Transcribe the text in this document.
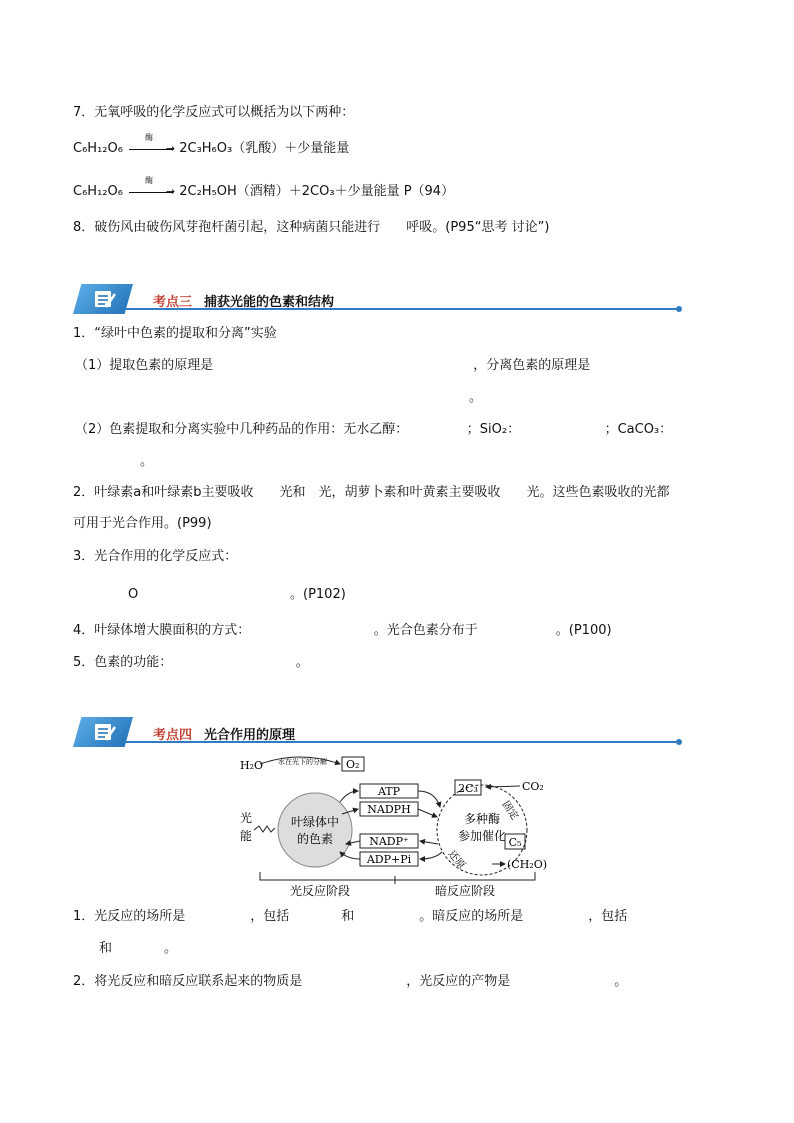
7．无氧呼吸的化学反应式可以概括为以下两种：
C₆H₁₂O₆	→
酶
2C₃H₆O₃（乳酸）＋少量能量
C₆H₁₂O₆	→
酶
2C₂H₅OH（酒精）＋2CO₃＋少量能量 P（94）
8．破伤风由破伤风芽孢杆菌引起，这种病菌只能进行　　呼吸。(P95“思考 讨论”)
考点三 捕获光能的色素和结构
1．“绿叶中色素的提取和分离”实验
（1）提取色素的原理是　　　　　　　　　　　　　　　　　　　　，分离色素的原理是
。
（2）色素提取和分离实验中几种药品的作用：无水乙醇：　　　　　；SiO₂：　　　　　　　；CaCO₃：
。
2．叶绿素a和叶绿素b主要吸收　　光和　光，胡萝卜素和叶黄素主要吸收　　光。这些色素吸收的光都
可用于光合作用。(P99)
3．光合作用的化学反应式：
O	。(P102)
4．叶绿体增大膜面积的方式：　　　　　　　　　　。光合色素分布于　　　　　　。(P100)
5．色素的功能：　　　　　　　　　　。
考点四 光合作用的原理
H₂O 水在光下的分解 O₂
光
能
叶绿体中
的色素
ATP
NADPH
NADP⁺
ADP+Pi
2C₃	CO₂
多种酶
参加催化
固定
还原
C₅
(CH₂O)
光反应阶段	暗反应阶段
1．光反应的场所是　　　　　，包括　　　　和　　　　　。暗反应的场所是　　　　　，包括
和　　　　。
2．将光反应和暗反应联系起来的物质是　　　　　　　　，光反应的产物是　　　　　　　　。
